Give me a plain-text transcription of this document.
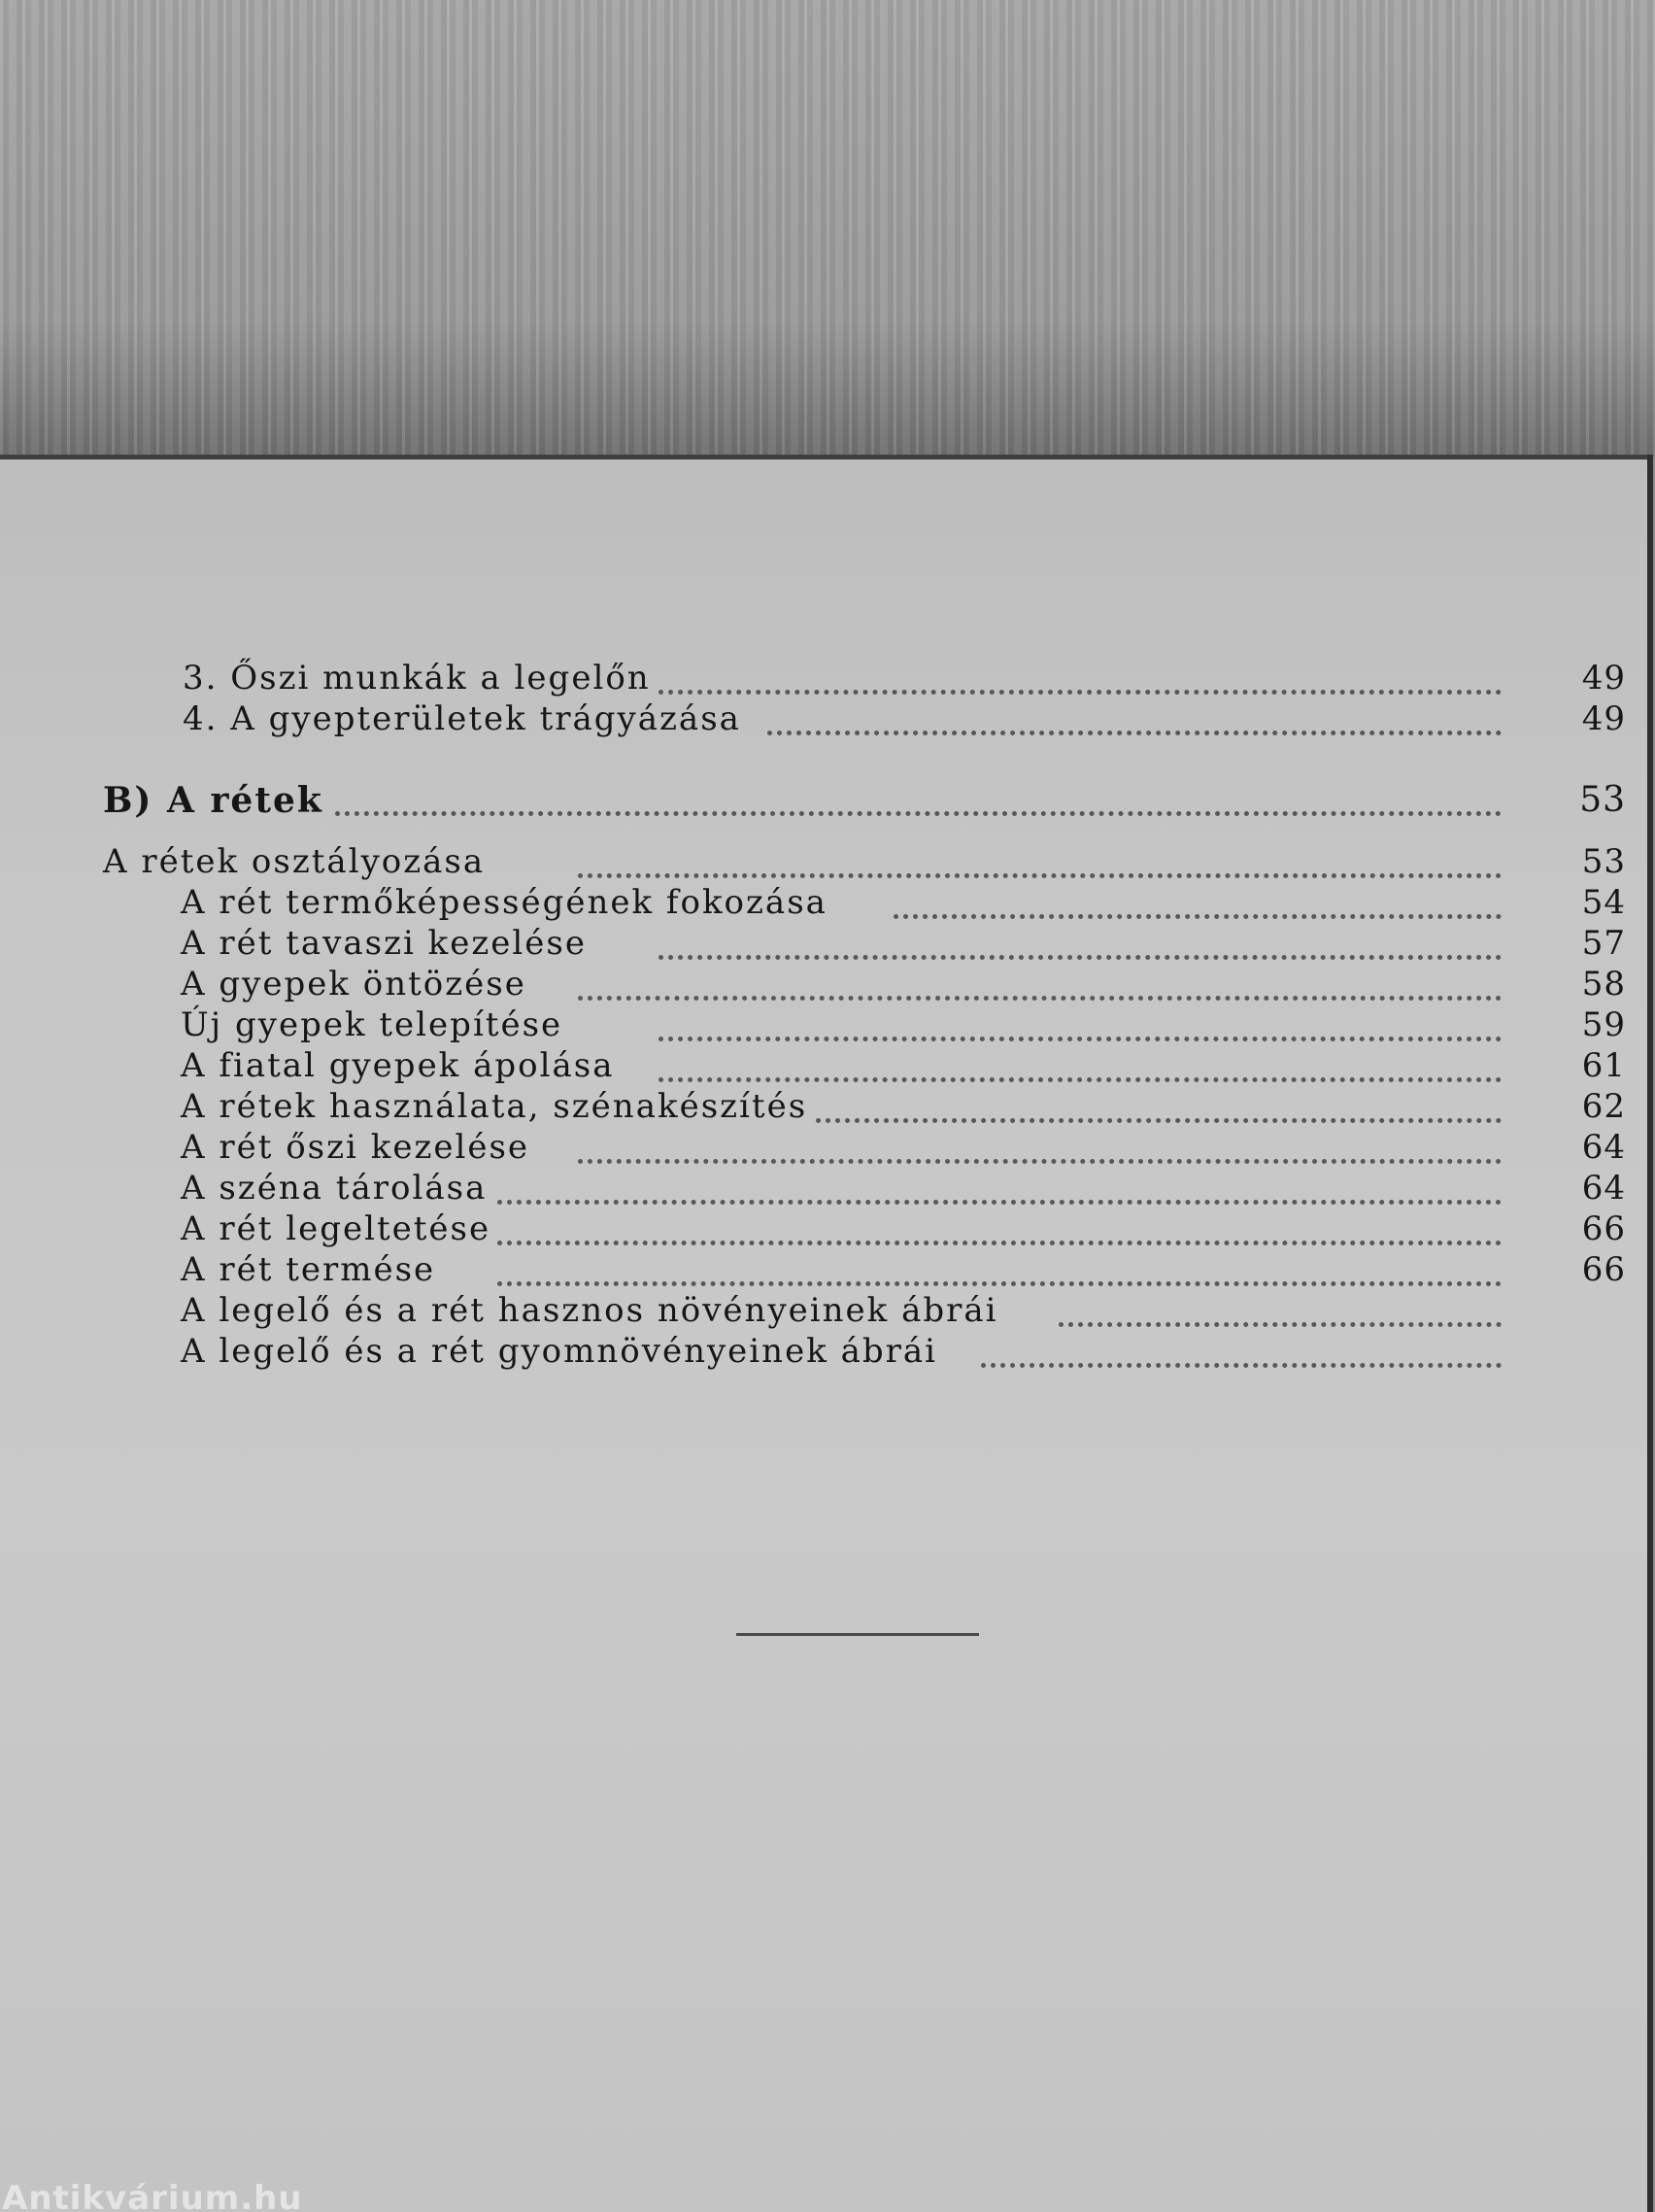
3. Őszi munkák a legelőn	49
4. A gyepterületek trágyázása	49
B) A rétek	53
A rétek osztályozása	53
A rét termőképességének fokozása	54
A rét tavaszi kezelése	57
A gyepek öntözése	58
Új gyepek telepítése	59
A fiatal gyepek ápolása	61
A rétek használata, szénakészítés	62
A rét őszi kezelése	64
A széna tárolása	64
A rét legeltetése	66
A rét termése	66
A legelő és a rét hasznos növényeinek ábrái
A legelő és a rét gyomnövényeinek ábrái
Antikvárium.hu
